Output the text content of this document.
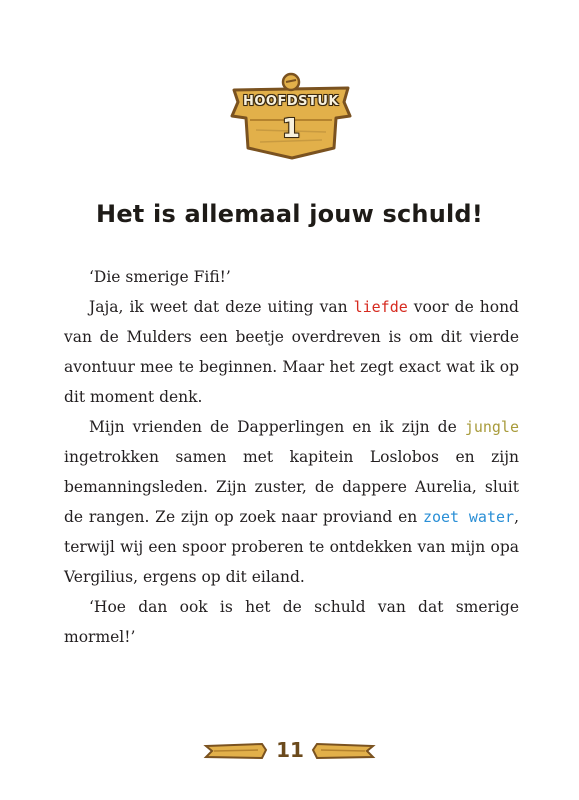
HOOFDSTUK
1
Het is allemaal jouw schuld!

‘Die smerige Fifi!’

Jaja, ik weet dat deze uiting van liefde voor de hond van de Mulders een beetje overdreven is om dit vierde avontuur mee te beginnen. Maar het zegt exact wat ik op dit moment denk.

Mijn vrienden de Dapperlingen en ik zijn de jungle ingetrokken samen met kapitein Loslobos en zijn bemanningsleden. Zijn zuster, de dappere Aurelia, sluit de rangen. Ze zijn op zoek naar proviand en zoet water, terwijl wij een spoor proberen te ontdekken van mijn opa Vergilius, ergens op dit eiland.

‘Hoe dan ook is het de schuld van dat smerige mormel!’

11
